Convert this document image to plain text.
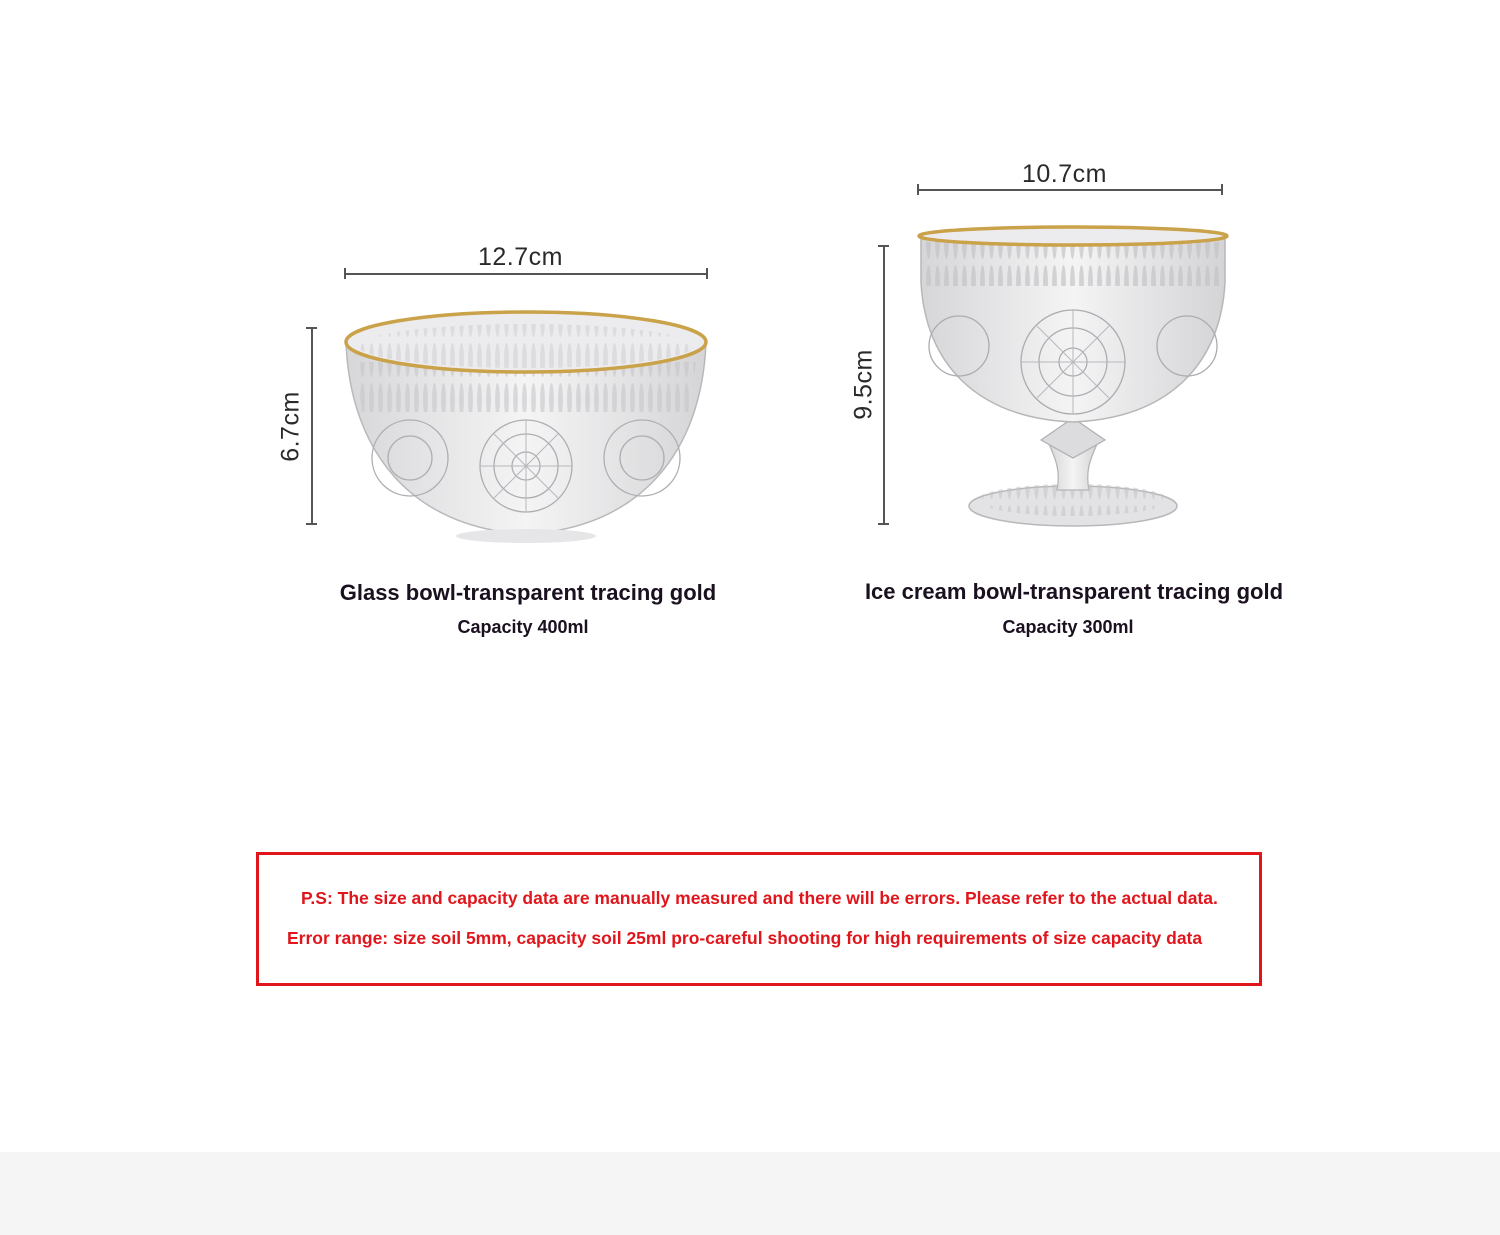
12.7cm
6.7cm
Glass bowl-transparent tracing gold
Capacity 400ml
10.7cm
9.5cm
Ice cream bowl-transparent tracing gold
Capacity 300ml
P.S: The size and capacity data are manually measured and there will be errors. Please refer to the actual data.
Error range: size soil 5mm, capacity soil 25ml pro-careful shooting for high requirements of size capacity data
